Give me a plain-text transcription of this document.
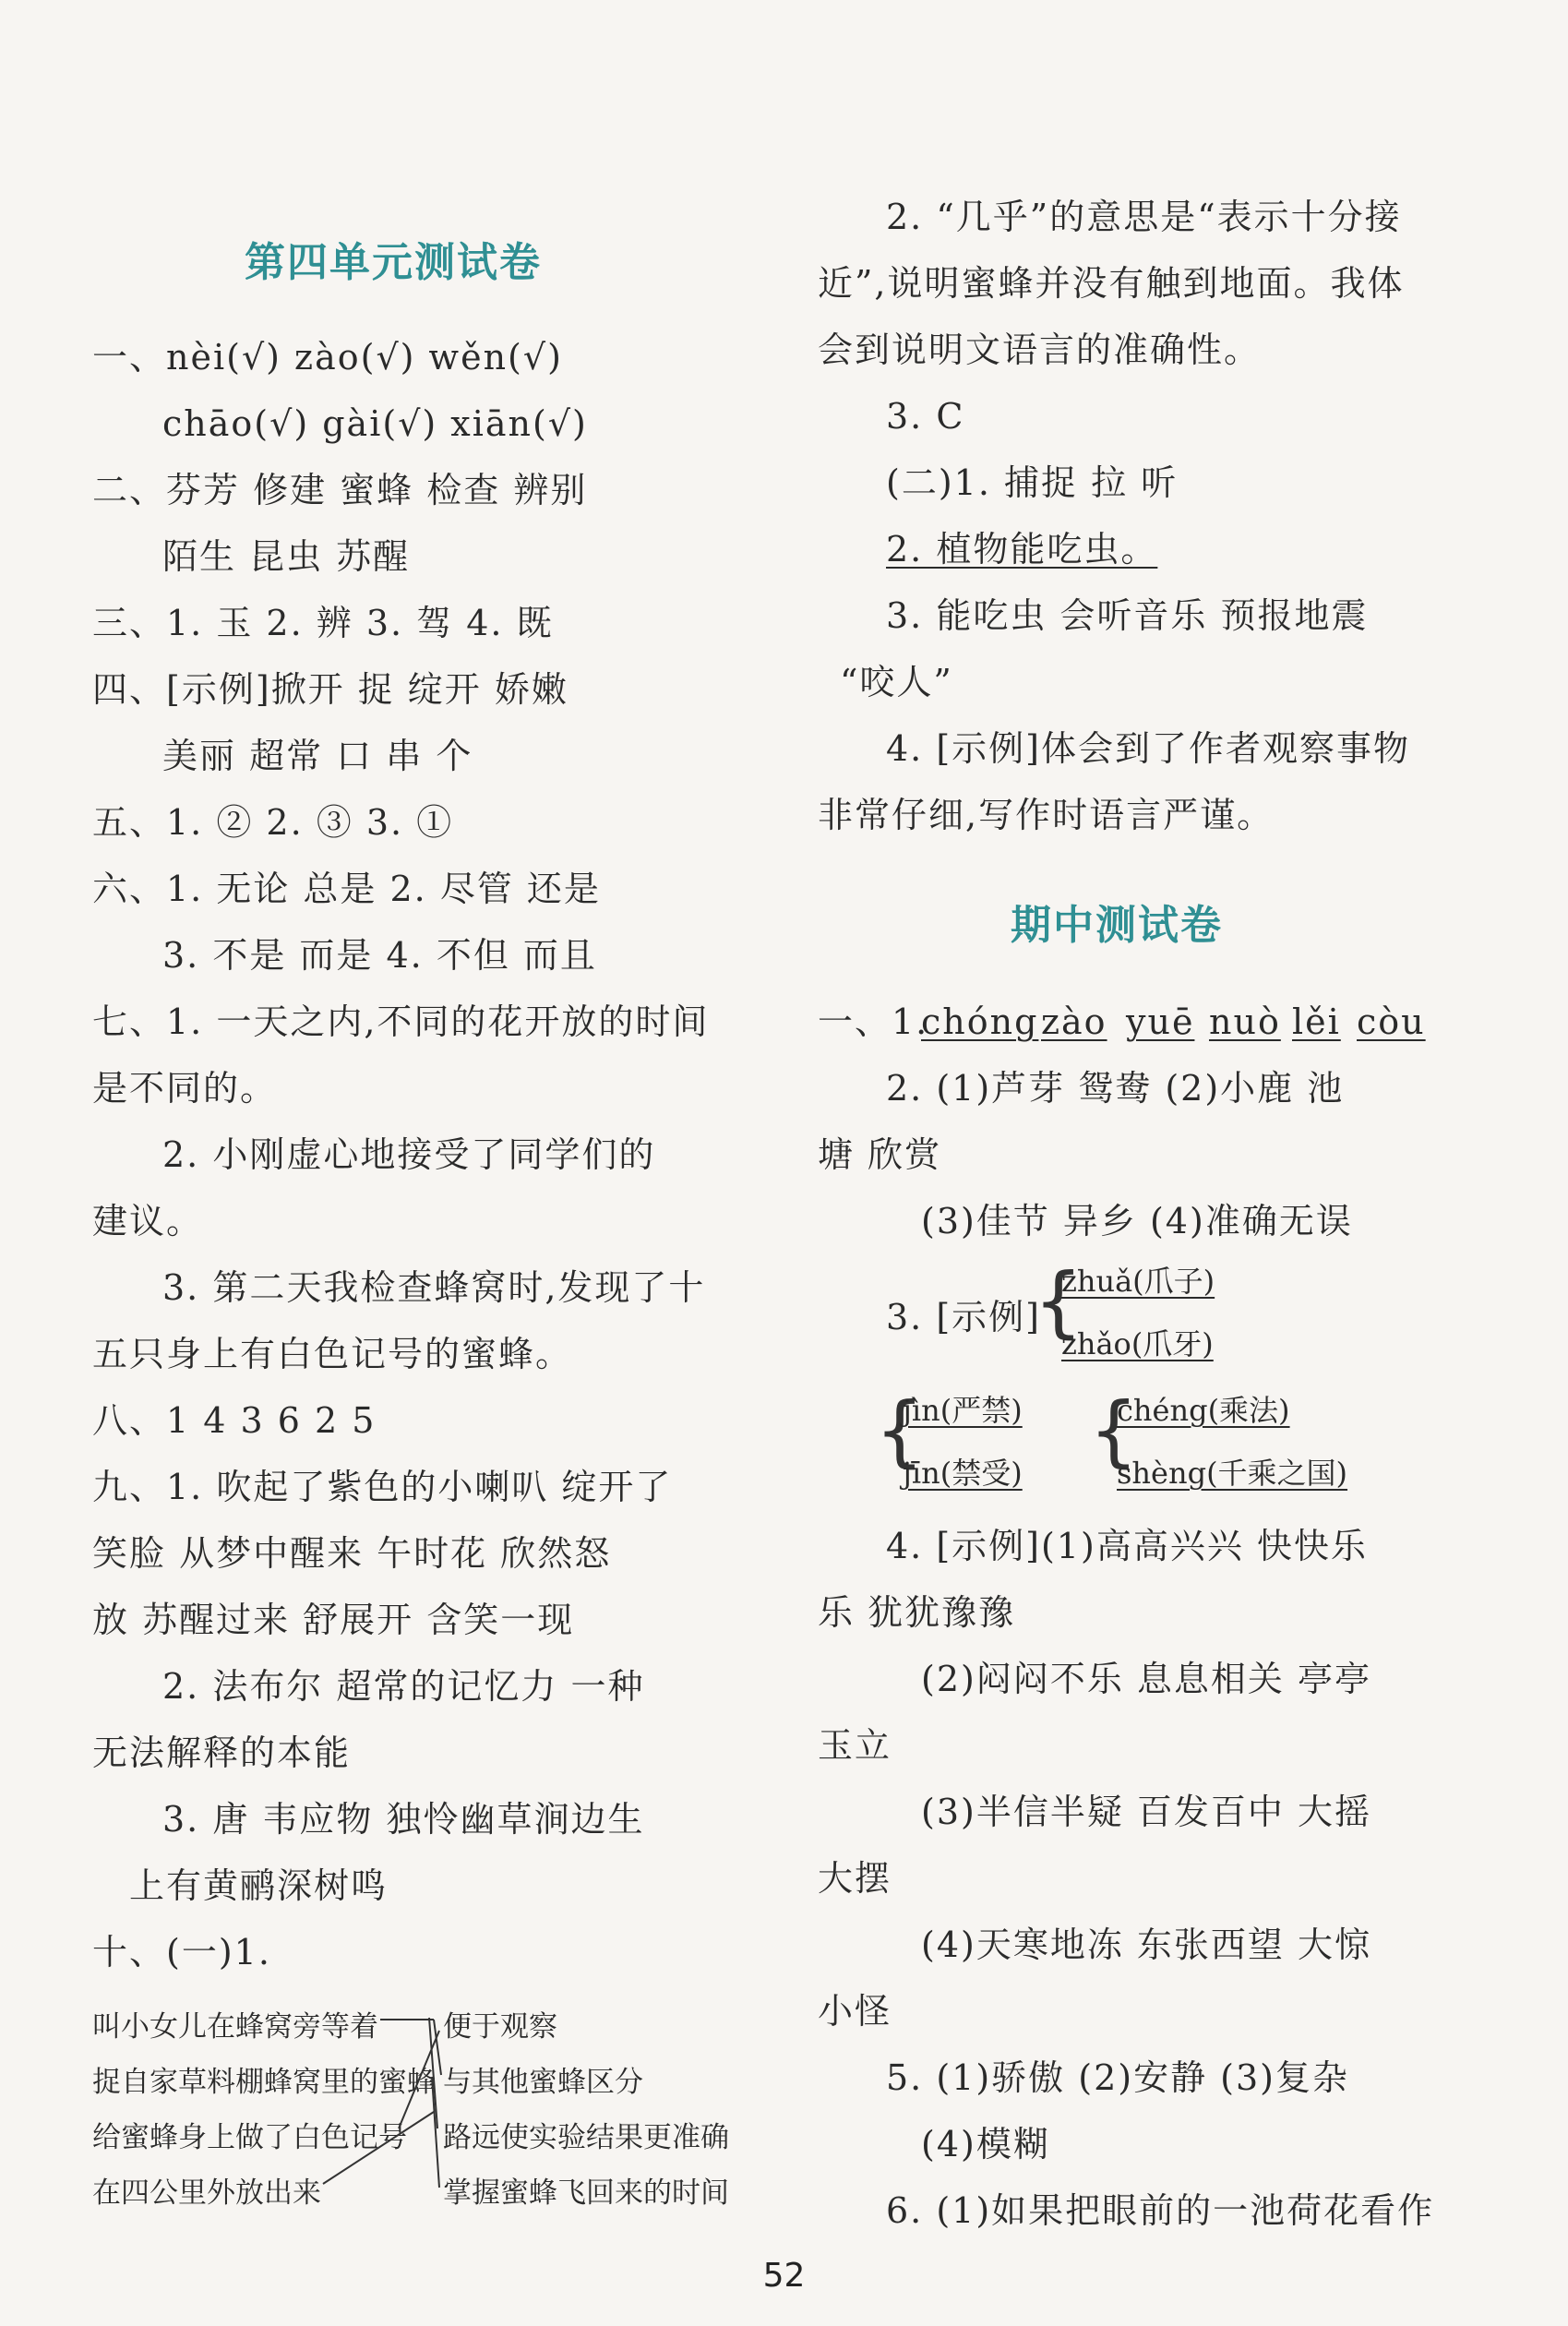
第四单元测试卷
一、nèi(√) zào(√) wěn(√)
chāo(√) gài(√) xiān(√)
二、芬芳 修建 蜜蜂 检查 辨别
陌生 昆虫 苏醒
三、1. 玉 2. 辨 3. 驾 4. 既
四、[示例]掀开 捉 绽开 娇嫩
美丽 超常 口 串 个
五、1. ② 2. ③ 3. ①
六、1. 无论 总是 2. 尽管 还是
3. 不是 而是 4. 不但 而且
七、1. 一天之内,不同的花开放的时间
是不同的。
2. 小刚虚心地接受了同学们的
建议。
3. 第二天我检查蜂窝时,发现了十
五只身上有白色记号的蜜蜂。
八、1 4 3 6 2 5
九、1. 吹起了紫色的小喇叭 绽开了
笑脸 从梦中醒来 午时花 欣然怒
放 苏醒过来 舒展开 含笑一现
2. 法布尔 超常的记忆力 一种
无法解释的本能
3. 唐 韦应物 独怜幽草涧边生
上有黄鹂深树鸣
十、(一)1.
叫小女儿在蜂窝旁等着
捉自家草料棚蜂窝里的蜜蜂
给蜜蜂身上做了白色记号
在四公里外放出来
便于观察
与其他蜜蜂区分
路远使实验结果更准确
掌握蜜蜂飞回来的时间
2. “几乎”的意思是“表示十分接
近”,说明蜜蜂并没有触到地面。我体
会到说明文语言的准确性。
3. C
(二)1. 捕捉 拉 听
2. 植物能吃虫。
3. 能吃虫 会听音乐 预报地震
“咬人”
4. [示例]体会到了作者观察事物
非常仔细,写作时语言严谨。
期中测试卷
一、1.
chóng zào yuē nuò lěi còu
2. (1)芦芽 鸳鸯 (2)小鹿 池
塘 欣赏
(3)佳节 异乡 (4)准确无误
3. [示例]
{
zhuǎ(爪子)
zhǎo(爪牙)
{
jìn(严禁)
jīn(禁受) {
chéng(乘法)
shèng(千乘之国)
4. [示例](1)高高兴兴 快快乐
乐 犹犹豫豫
(2)闷闷不乐 息息相关 亭亭
玉立
(3)半信半疑 百发百中 大摇
大摆
(4)天寒地冻 东张西望 大惊
小怪
5. (1)骄傲 (2)安静 (3)复杂
(4)模糊
6. (1)如果把眼前的一池荷花看作
52
